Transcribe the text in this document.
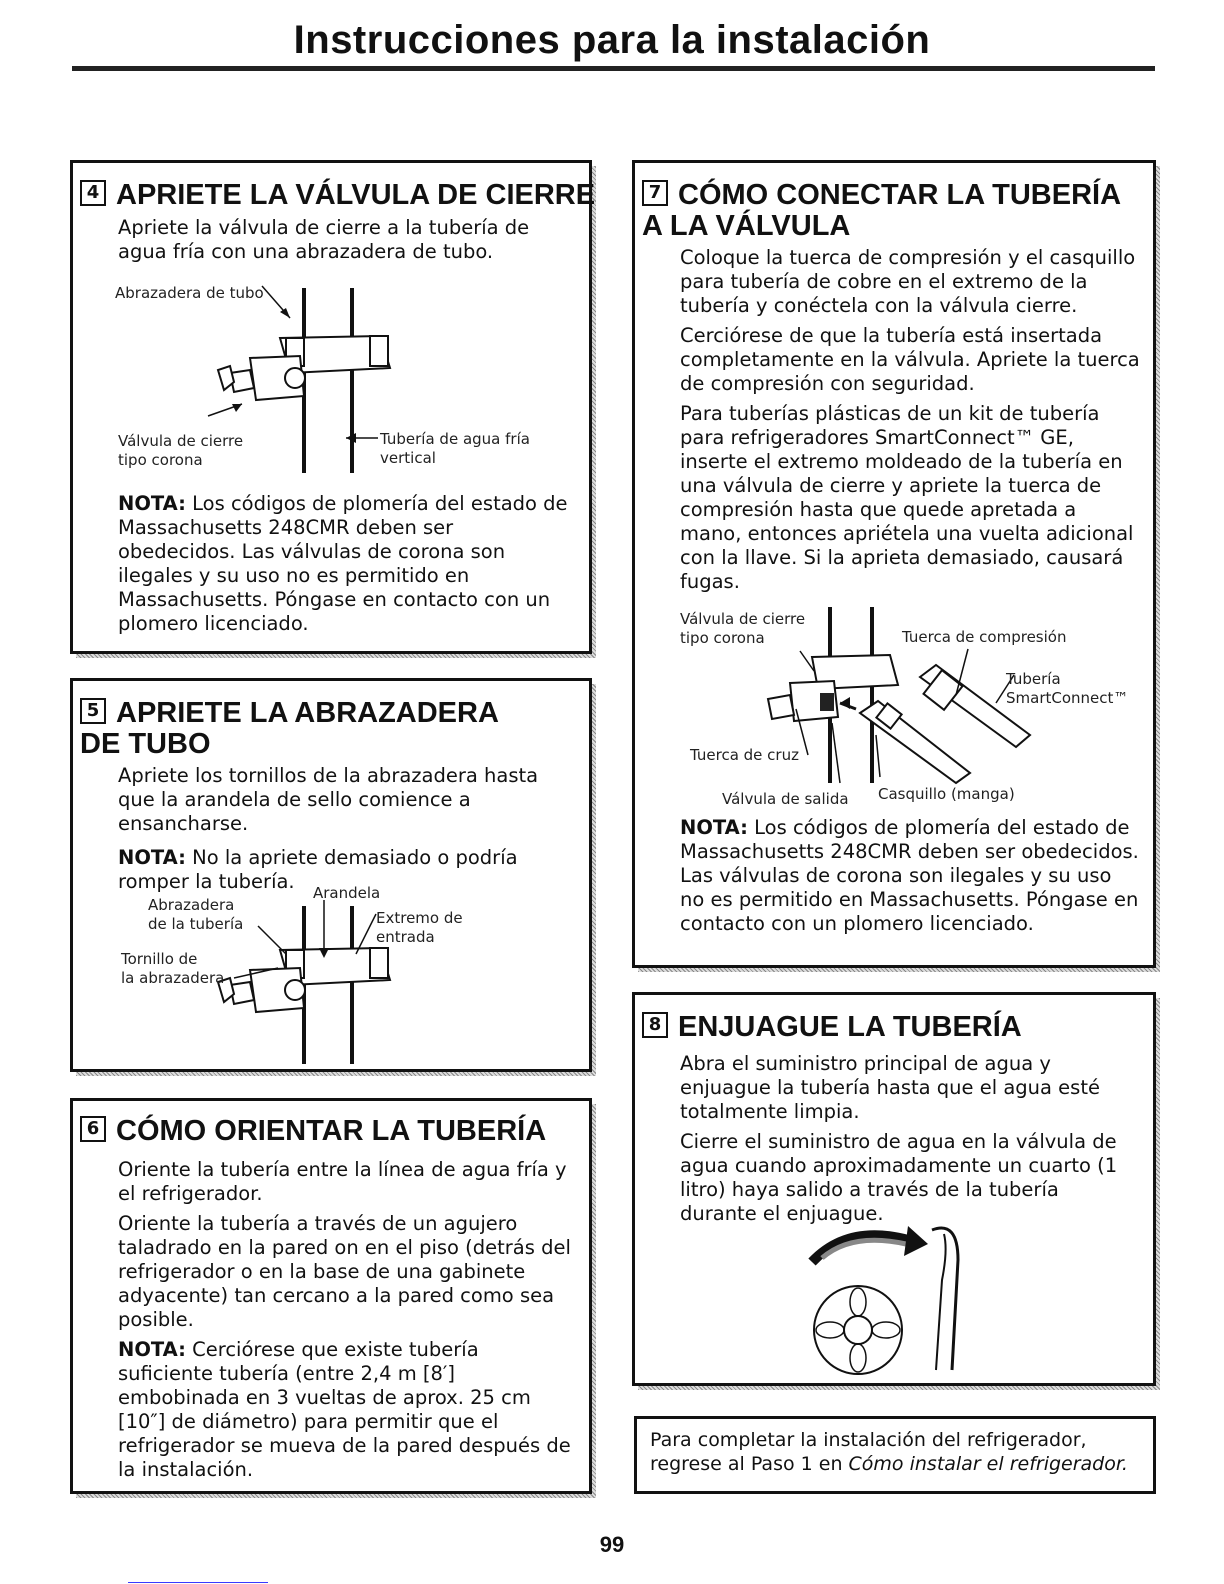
Instrucciones para la instalación
4 APRIETE LA VÁLVULA DE CIERRE

Apriete la válvula de cierre a la tubería de agua fría con una abrazadera de tubo.

Abrazadera de tubo
Válvula de cierre
tipo corona
Tubería de agua fría
vertical

NOTA: Los códigos de plomería del estado de Massachusetts 248CMR deben ser obedecidos. Las válvulas de corona son ilegales y su uso no es permitido en Massachusetts. Póngase en contacto con un plomero licenciado.

5 APRIETE LA ABRAZADERA DE TUBO

Apriete los tornillos de la abrazadera hasta que la arandela de sello comience a ensancharse.

NOTA: No la apriete demasiado o podría romper la tubería.	Arandela
Abrazadera
de la tubería	Extremo de
entrada
Tornillo de
la abrazadera
6 CÓMO ORIENTAR LA TUBERÍA

Oriente la tubería entre la línea de agua fría y el refrigerador.

Oriente la tubería a través de un agujero taladrado en la pared on en el piso (detrás del refrigerador o en la base de una gabinete adyacente) tan cercano a la pared como sea posible.

NOTA: Cerciórese que existe tubería suficiente tubería (entre 2,4 m [8′] embobinada en 3 vueltas de aprox. 25 cm [10″] de diámetro) para permitir que el refrigerador se mueva de la pared después de la instalación.

7 CÓMO CONECTAR LA TUBERÍA A LA VÁLVULA

Coloque la tuerca de compresión y el casquillo para tubería de cobre en el extremo de la tubería y conéctela con la válvula cierre.

Cerciórese de que la tubería está insertada completamente en la válvula. Apriete la tuerca de compresión con seguridad.

Para tuberías plásticas de un kit de tubería para refrigeradores SmartConnect™ GE, inserte el extremo moldeado de la tubería en una válvula de cierre y apriete la tuerca de compresión hasta que quede apretada a mano, entonces apriétela una vuelta adicional con la llave. Si la aprieta demasiado, causará fugas.

Válvula de cierre
tipo corona	Tuerca de compresión
Tubería
SmartConnect™
Tuerca de cruz
Válvula de salida Casquillo (manga)

NOTA: Los códigos de plomería del estado de Massachusetts 248CMR deben ser obedecidos. Las válvulas de corona son ilegales y su uso no es permitido en Massachusetts. Póngase en contacto con un plomero licenciado.

8 ENJUAGUE LA TUBERÍA

Abra el suministro principal de agua y enjuague la tubería hasta que el agua esté totalmente limpia.

Cierre el suministro de agua en la válvula de agua cuando aproximadamente un cuarto (1 litro) haya salido a través de la tubería durante el enjuague.

Para completar la instalación del refrigerador,
regrese al Paso 1 en Cómo instalar el refrigerador.
99
